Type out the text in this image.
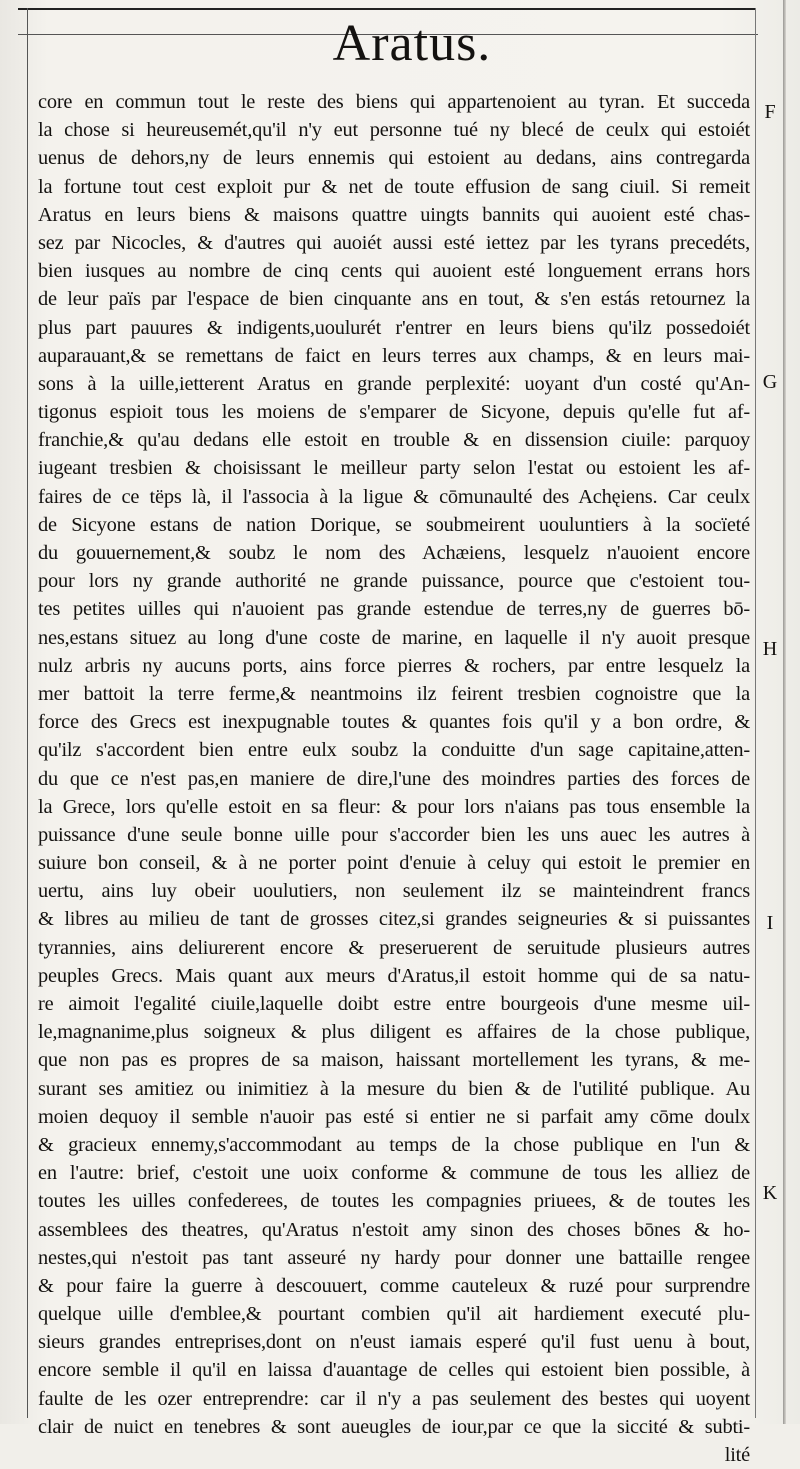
Aratus.
F
G
H
I
K
core en commun tout le reste des biens qui appartenoient au tyran. Et succeda
la chose si heureusemét,qu'il n'y eut personne tué ny blecé de ceulx qui estoiét
uenus de dehors,ny de leurs ennemis qui estoient au dedans, ains contregarda
la fortune tout cest exploit pur & net de toute effusion de sang ciuil. Si remeit
Aratus en leurs biens & maisons quattre uingts bannits qui auoient esté chas-
sez par Nicocles, & d'autres qui auoiét aussi esté iettez par les tyrans precedéts,
bien iusques au nombre de cinq cents qui auoient esté longuement errans hors
de leur païs par l'espace de bien cinquante ans en tout, & s'en estás retournez la
plus part pauures & indigents,uoulurét r'entrer en leurs biens qu'ilz possedoiét
auparauant,& se remettans de faict en leurs terres aux champs, & en leurs mai-
sons à la uille,ietterent Aratus en grande perplexité: uoyant d'un costé qu'An-
tigonus espioit tous les moiens de s'emparer de Sicyone, depuis qu'elle fut af-
franchie,& qu'au dedans elle estoit en trouble & en dissension ciuile: parquoy
iugeant tresbien & choisissant le meilleur party selon l'estat ou estoient les af-
faires de ce tëps là, il l'associa à la ligue & cōmunaulté des Achęiens. Car ceulx
de Sicyone estans de nation Dorique, se soubmeirent uouluntiers à la socïeté
du gouuernement,& soubz le nom des Achæiens, lesquelz n'auoient encore
pour lors ny grande authorité ne grande puissance, pource que c'estoient tou-
tes petites uilles qui n'auoient pas grande estendue de terres,ny de guerres bō-
nes,estans situez au long d'une coste de marine, en laquelle il n'y auoit presque
nulz arbris ny aucuns ports, ains force pierres & rochers, par entre lesquelz la
mer battoit la terre ferme,& neantmoins ilz feirent tresbien cognoistre que la
force des Grecs est inexpugnable toutes & quantes fois qu'il y a bon ordre, &
qu'ilz s'accordent bien entre eulx soubz la conduitte d'un sage capitaine,atten-
du que ce n'est pas,en maniere de dire,l'une des moindres parties des forces de
la Grece, lors qu'elle estoit en sa fleur: & pour lors n'aians pas tous ensemble la
puissance d'une seule bonne uille pour s'accorder bien les uns auec les autres à
suiure bon conseil, & à ne porter point d'enuie à celuy qui estoit le premier en
uertu, ains luy obeir uoulutiers, non seulement ilz se mainteindrent francs
& libres au milieu de tant de grosses citez,si grandes seigneuries & si puissantes
tyrannies, ains deliurerent encore & preseruerent de seruitude plusieurs autres
peuples Grecs. Mais quant aux meurs d'Aratus,il estoit homme qui de sa natu-
re aimoit l'egalité ciuile,laquelle doibt estre entre bourgeois d'une mesme uil-
le,magnanime,plus soigneux & plus diligent es affaires de la chose publique,
que non pas es propres de sa maison, haissant mortellement les tyrans, & me-
surant ses amitiez ou inimitiez à la mesure du bien & de l'utilité publique. Au
moien dequoy il semble n'auoir pas esté si entier ne si parfait amy cōme doulx
& gracieux ennemy,s'accommodant au temps de la chose publique en l'un &
en l'autre: brief, c'estoit une uoix conforme & commune de tous les alliez de
toutes les uilles confederees, de toutes les compagnies priuees, & de toutes les
assemblees des theatres, qu'Aratus n'estoit amy sinon des choses bōnes & ho-
nestes,qui n'estoit pas tant asseuré ny hardy pour donner une battaille rengee
& pour faire la guerre à descouuert, comme cauteleux & ruzé pour surprendre
quelque uille d'emblee,& pourtant combien qu'il ait hardiement executé plu-
sieurs grandes entreprises,dont on n'eust iamais esperé qu'il fust uenu à bout,
encore semble il qu'il en laissa d'auantage de celles qui estoient bien possible, à
faulte de les ozer entreprendre: car il n'y a pas seulement des bestes qui uoyent
clair de nuict en tenebres & sont aueugles de iour,par ce que la siccité & subti-
lité
